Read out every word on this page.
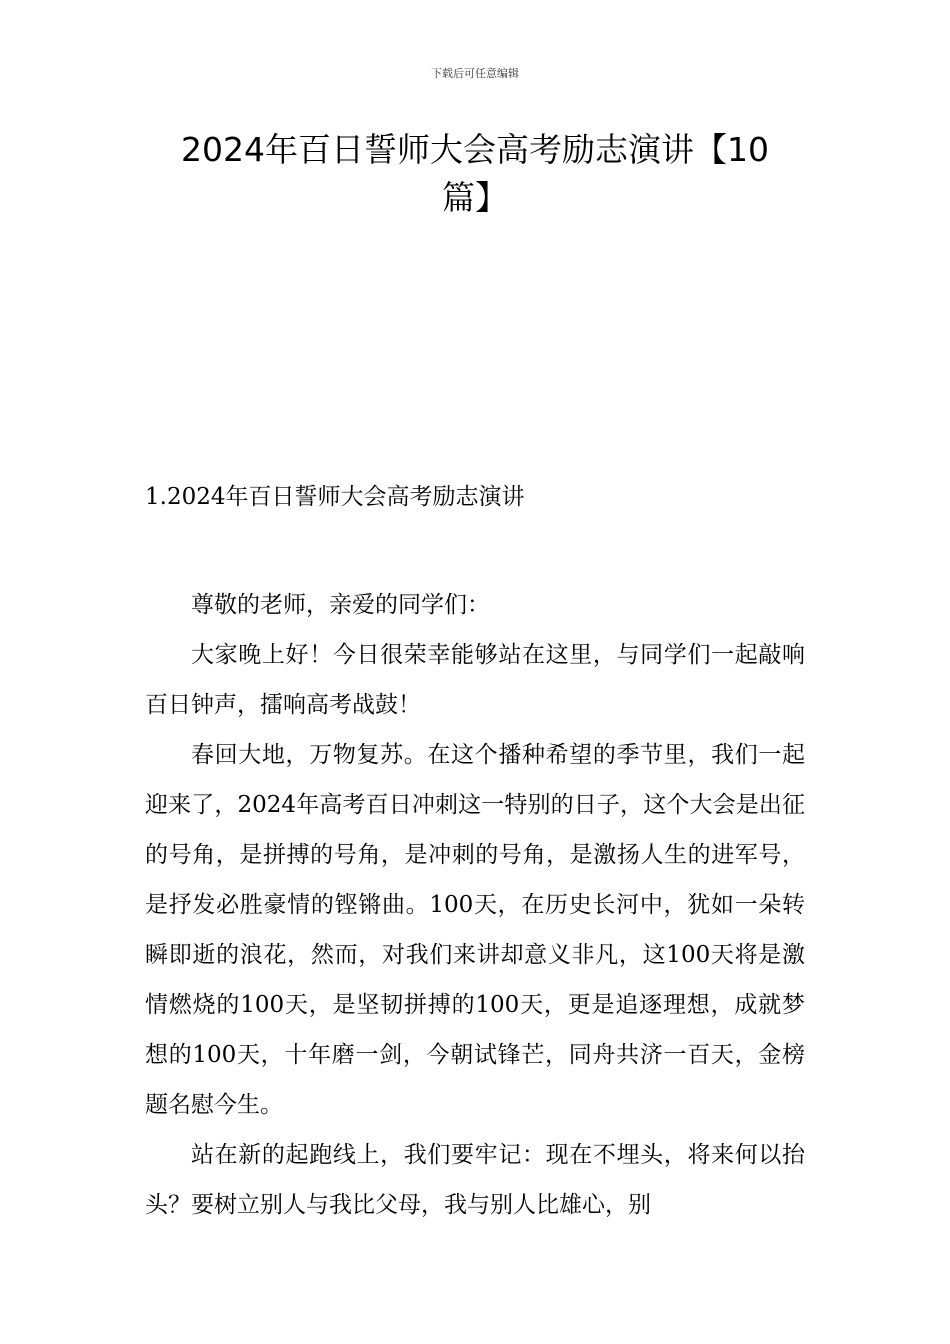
下载后可任意编辑
2024年百日誓师大会高考励志演讲【10
篇】
1.2024年百日誓师大会高考励志演讲

尊敬的老师，亲爱的同学们：

大家晚上好！今日很荣幸能够站在这里，与同学们一起敲响百日钟声，擂响高考战鼓！

春回大地，万物复苏。在这个播种希望的季节里，我们一起迎来了，2024年高考百日冲刺这一特别的日子，这个大会是出征的号角，是拼搏的号角，是冲刺的号角，是激扬人生的进军号，是抒发必胜豪情的铿锵曲。100天，在历史长河中，犹如一朵转瞬即逝的浪花，然而，对我们来讲却意义非凡，这100天将是激情燃烧的100天，是坚韧拼搏的100天，更是追逐理想，成就梦想的100天，十年磨一剑，今朝试锋芒，同舟共济一百天，金榜题名慰今生。

站在新的起跑线上，我们要牢记：现在不埋头，将来何以抬头？要树立别人与我比父母，我与别人比雄心，别
